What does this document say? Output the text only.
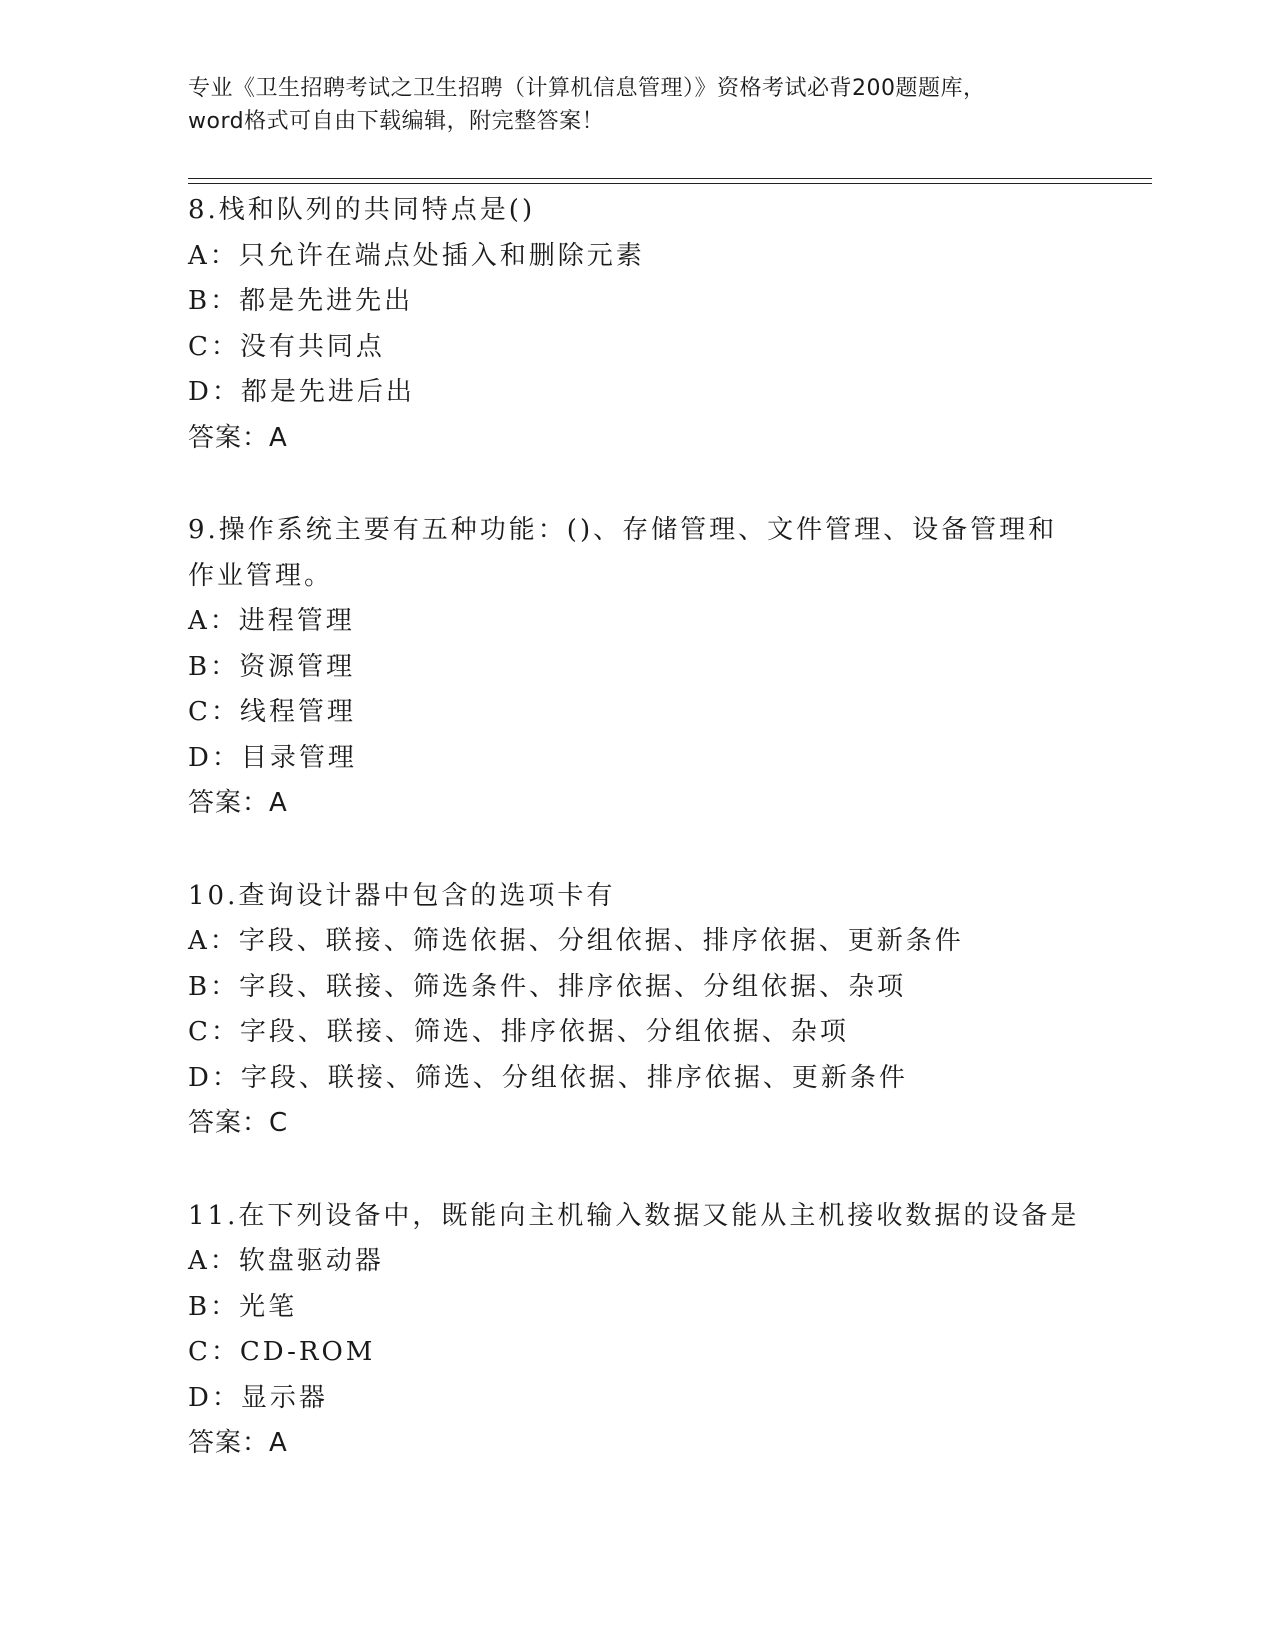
专业《卫生招聘考试之卫生招聘（计算机信息管理）》资格考试必背200题题库，
word格式可自由下载编辑，附完整答案！
8.栈和队列的共同特点是()
A：只允许在端点处插入和删除元素
B：都是先进先出
C：没有共同点
D：都是先进后出
答案：A
9.操作系统主要有五种功能：()、存储管理、文件管理、设备管理和
作业管理。
A：进程管理
B：资源管理
C：线程管理
D：目录管理
答案：A
10.查询设计器中包含的选项卡有
A：字段、联接、筛选依据、分组依据、排序依据、更新条件
B：字段、联接、筛选条件、排序依据、分组依据、杂项
C：字段、联接、筛选、排序依据、分组依据、杂项
D：字段、联接、筛选、分组依据、排序依据、更新条件
答案：C
11.在下列设备中，既能向主机输入数据又能从主机接收数据的设备是
A：软盘驱动器
B：光笔
C：CD-ROM
D：显示器
答案：A
